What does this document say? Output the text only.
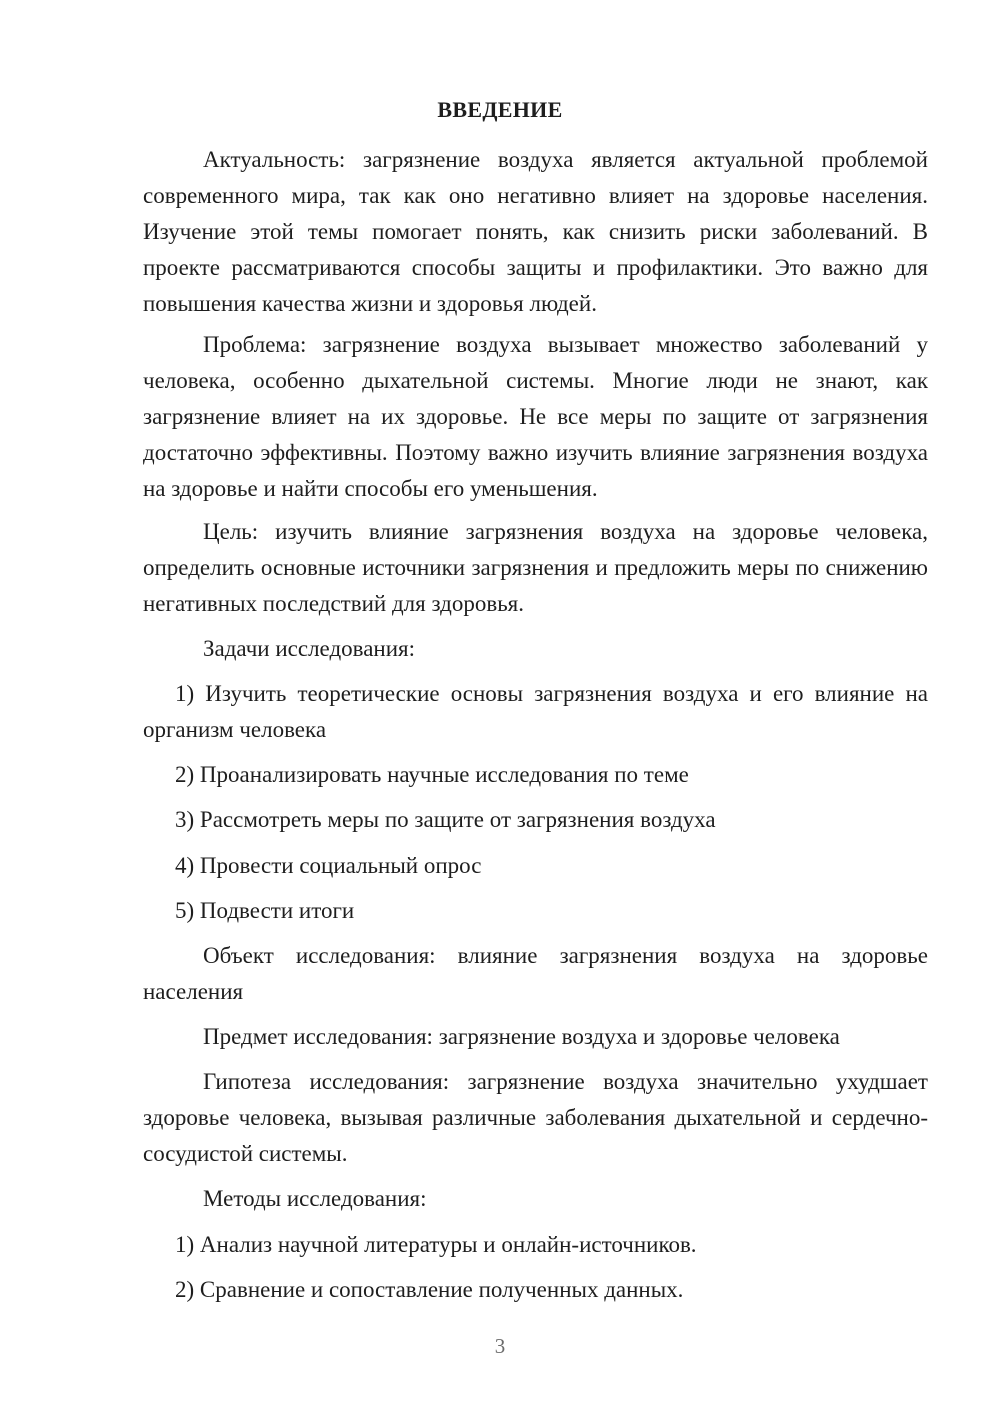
ВВЕДЕНИЕ

Актуальность: загрязнение воздуха является актуальной проблемой современного мира, так как оно негативно влияет на здоровье населения. Изучение этой темы помогает понять, как снизить риски заболеваний. В проекте рассматриваются способы защиты и профилактики. Это важно для повышения качества жизни и здоровья людей.

Проблема: загрязнение воздуха вызывает множество заболеваний у человека, особенно дыхательной системы. Многие люди не знают, как загрязнение влияет на их здоровье. Не все меры по защите от загрязнения достаточно эффективны. Поэтому важно изучить влияние загрязнения воздуха на здоровье и найти способы его уменьшения.

Цель: изучить влияние загрязнения воздуха на здоровье человека, определить основные источники загрязнения и предложить меры по снижению негативных последствий для здоровья.

Задачи исследования:

1) Изучить теоретические основы загрязнения воздуха и его влияние на организм человека

2) Проанализировать научные исследования по теме

3) Рассмотреть меры по защите от загрязнения воздуха

4) Провести социальный опрос

5) Подвести итоги

Объект исследования: влияние загрязнения воздуха на здоровье населения

Предмет исследования: загрязнение воздуха и здоровье человека

Гипотеза исследования: загрязнение воздуха значительно ухудшает здоровье человека, вызывая различные заболевания дыхательной и сердечно-сосудистой системы.

Методы исследования:

1) Анализ научной литературы и онлайн-источников.

2) Сравнение и сопоставление полученных данных.

3
